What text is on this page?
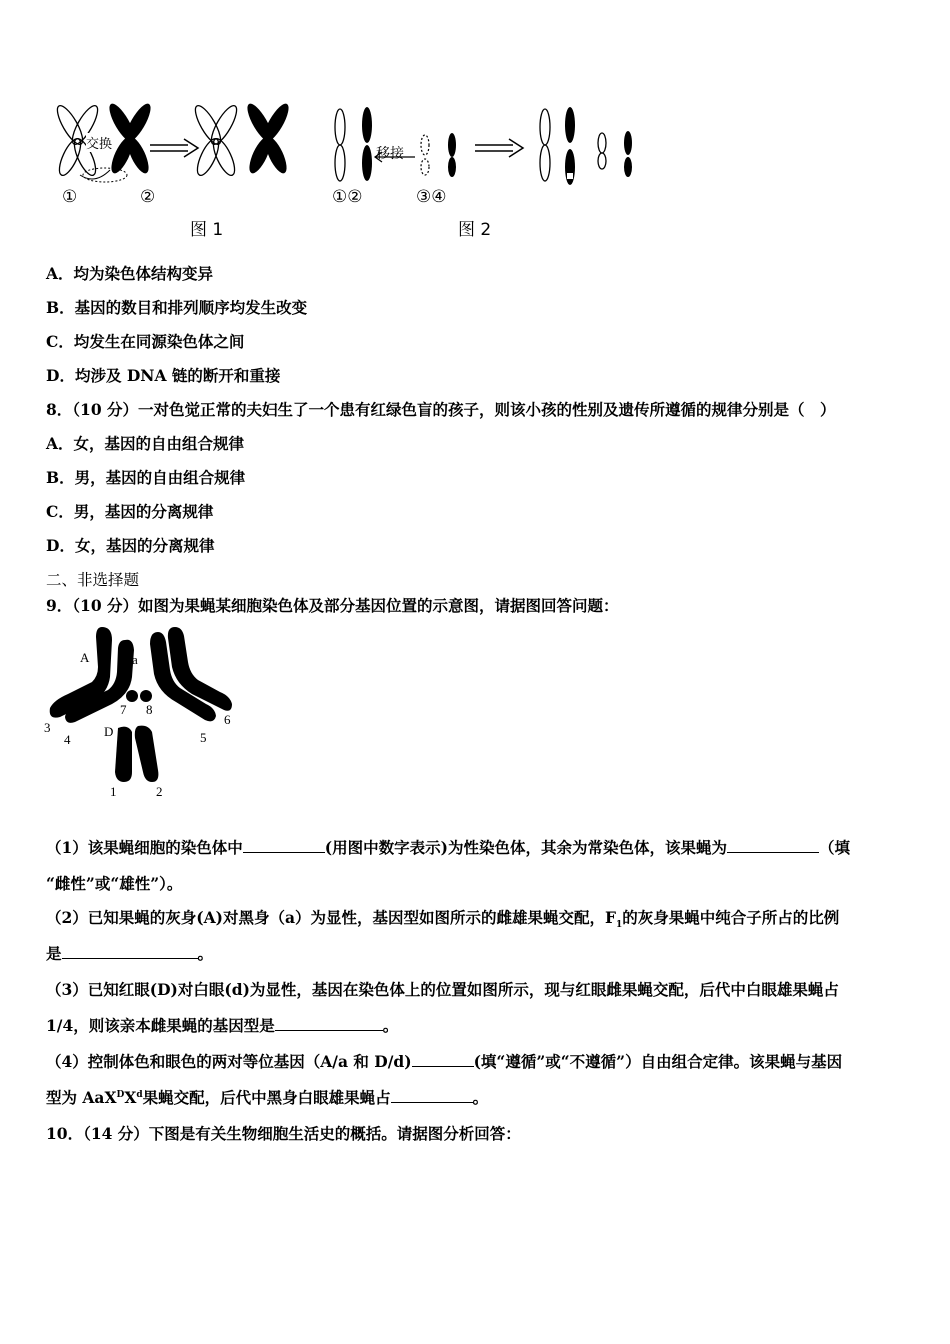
交换
①	②
图 1
移接
①②	③④
图 2
A．均为染色体结构变异
B．基因的数目和排列顺序均发生改变
C．均发生在同源染色体之间
D．均涉及 DNA 链的断开和重接
8．（10 分）一对色觉正常的夫妇生了一个患有红绿色盲的孩子，则该小孩的性别及遗传所遵循的规律分别是（　）
A．女，基因的自由组合规律
B．男，基因的自由组合规律
C．男，基因的分离规律
D．女，基因的分离规律
二、非选择题
9．（10 分）如图为果蝇某细胞染色体及部分基因位置的示意图，请据图回答问题：
A	a
D
3
4
7 8
5
6
1	2
（1）该果蝇细胞的染色体中	(用图中数字表示)为性染色体，其余为常染色体，该果蝇为	（填
“雌性”或“雄性”）。
（2）已知果蝇的灰身(A)对黑身（a）为显性，基因型如图所示的雌雄果蝇交配，$F_1$的灰身果蝇中纯合子所占的比例
是	。
（3）已知红眼(D)对白眼(d)为显性，基因在染色体上的位置如图所示，现与红眼雌果蝇交配，后代中白眼雄果蝇占
1/4，则该亲本雌果蝇的基因型是	。
（4）控制体色和眼色的两对等位基因（A/a 和 D/d)	(填“遵循”或“不遵循”）自由组合定律。该果蝇与基因
型为 $AaX^DX^d$果蝇交配，后代中黑身白眼雄果蝇占	。
10．（14 分）下图是有关生物细胞生活史的概括。请据图分析回答：
